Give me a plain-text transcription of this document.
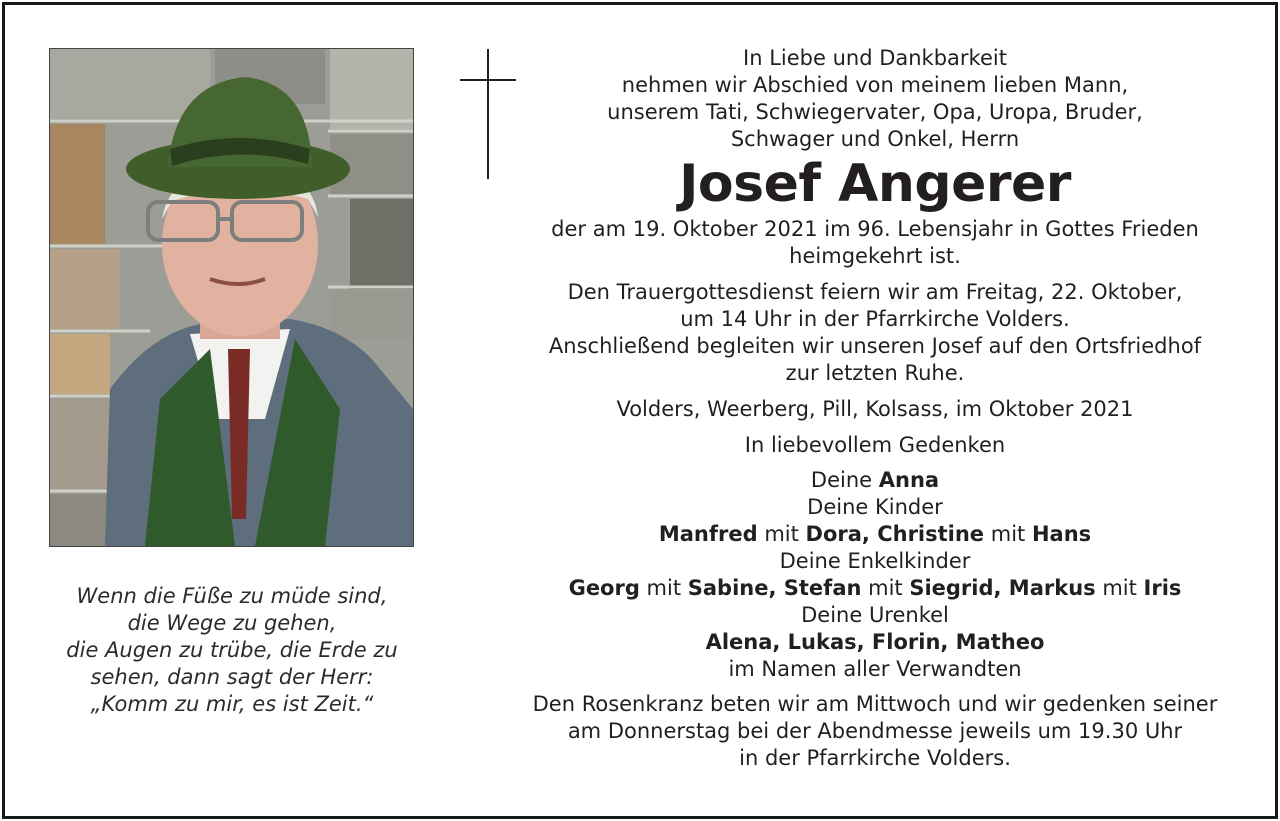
Wenn die Füße zu müde sind,
die Wege zu gehen,
die Augen zu trübe, die Erde zu
sehen, dann sagt der Herr:
„Komm zu mir, es ist Zeit.“
In Liebe und Dankbarkeit
nehmen wir Abschied von meinem lieben Mann,
unserem Tati, Schwiegervater, Opa, Uropa, Bruder,
Schwager und Onkel, Herrn
Josef Angerer
der am 19. Oktober 2021 im 96. Lebensjahr in Gottes Frieden
heimgekehrt ist.
Den Trauergottesdienst feiern wir am Freitag, 22. Oktober,
um 14 Uhr in der Pfarrkirche Volders.
Anschließend begleiten wir unseren Josef auf den Ortsfriedhof
zur letzten Ruhe.
Volders, Weerberg, Pill, Kolsass, im Oktober 2021
In liebevollem Gedenken
Deine Anna
Deine Kinder
Manfred mit Dora, Christine mit Hans
Deine Enkelkinder
Georg mit Sabine, Stefan mit Siegrid, Markus mit Iris
Deine Urenkel
Alena, Lukas, Florin, Matheo
im Namen aller Verwandten
Den Rosenkranz beten wir am Mittwoch und wir gedenken seiner
am Donnerstag bei der Abendmesse jeweils um 19.30 Uhr
in der Pfarrkirche Volders.
